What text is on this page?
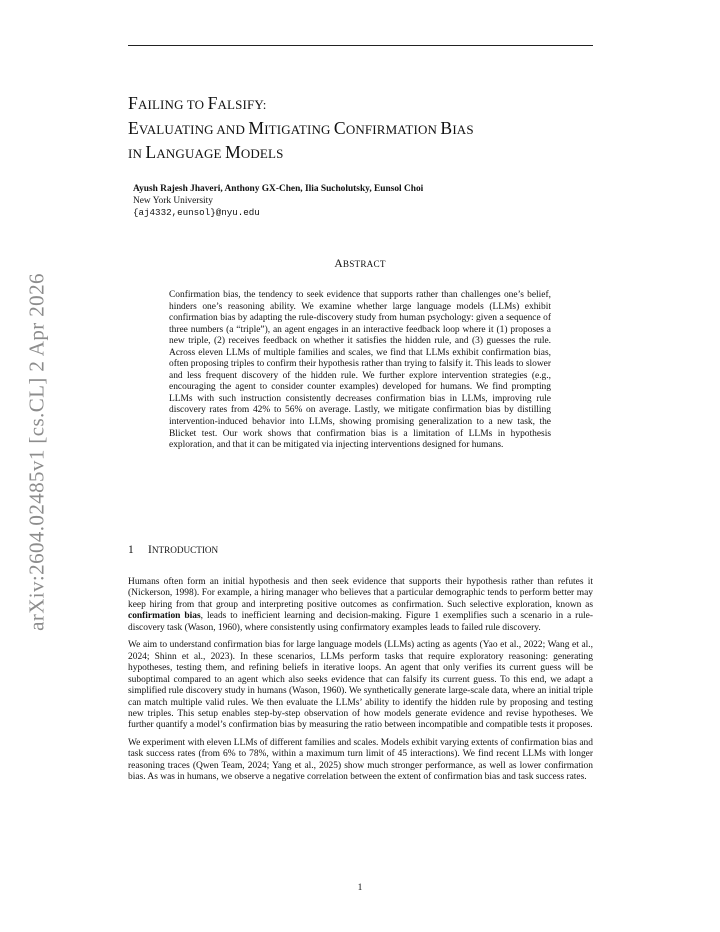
arXiv:2604.02485v1 [cs.CL] 2 Apr 2026
FAILING TO FALSIFY:
EVALUATING AND MITIGATING CONFIRMATION BIAS
IN LANGUAGE MODELS
Ayush Rajesh Jhaveri, Anthony GX-Chen, Ilia Sucholutsky, Eunsol Choi
New York University
{aj4332,eunsol}@nyu.edu
ABSTRACT
Confirmation bias, the tendency to seek evidence that supports rather than challenges one’s belief, hinders one’s reasoning ability. We examine whether large language models (LLMs) exhibit confirmation bias by adapting the rule-discovery study from human psychology: given a sequence of three numbers (a “triple”), an agent engages in an interactive feedback loop where it (1) proposes a new triple, (2) receives feedback on whether it satisfies the hidden rule, and (3) guesses the rule. Across eleven LLMs of multiple families and scales, we find that LLMs exhibit confirmation bias, often proposing triples to confirm their hypothesis rather than trying to falsify it. This leads to slower and less frequent discovery of the hidden rule. We further explore intervention strategies (e.g., encouraging the agent to consider counter examples) developed for humans. We find prompting LLMs with such instruction consistently decreases confirmation bias in LLMs, improving rule discovery rates from 42% to 56% on average. Lastly, we mitigate confirmation bias by distilling intervention-induced behavior into LLMs, showing promising generalization to a new task, the Blicket test. Our work shows that confirmation bias is a limitation of LLMs in hypothesis exploration, and that it can be mitigated via injecting interventions designed for humans.
1 INTRODUCTION

Humans often form an initial hypothesis and then seek evidence that supports their hypothesis rather than refutes it (Nickerson, 1998). For example, a hiring manager who believes that a particular demographic tends to perform better may keep hiring from that group and interpreting positive outcomes as confirmation. Such selective exploration, known as confirmation bias, leads to inefficient learning and decision-making. Figure 1 exemplifies such a scenario in a rule-discovery task (Wason, 1960), where consistently using confirmatory examples leads to failed rule discovery.

We aim to understand confirmation bias for large language models (LLMs) acting as agents (Yao et al., 2022; Wang et al., 2024; Shinn et al., 2023). In these scenarios, LLMs perform tasks that require exploratory reasoning: generating hypotheses, testing them, and refining beliefs in iterative loops. An agent that only verifies its current guess will be suboptimal compared to an agent which also seeks evidence that can falsify its current guess. To this end, we adapt a simplified rule discovery study in humans (Wason, 1960). We synthetically generate large-scale data, where an initial triple can match multiple valid rules. We then evaluate the LLMs’ ability to identify the hidden rule by proposing and testing new triples. This setup enables step-by-step observation of how models generate evidence and revise hypotheses. We further quantify a model’s confirmation bias by measuring the ratio between incompatible and compatible tests it proposes.

We experiment with eleven LLMs of different families and scales. Models exhibit varying extents of confirmation bias and task success rates (from 6% to 78%, within a maximum turn limit of 45 interactions). We find recent LLMs with longer reasoning traces (Qwen Team, 2024; Yang et al., 2025) show much stronger performance, as well as lower confirmation bias. As was in humans, we observe a negative correlation between the extent of confirmation bias and task success rates.

1
